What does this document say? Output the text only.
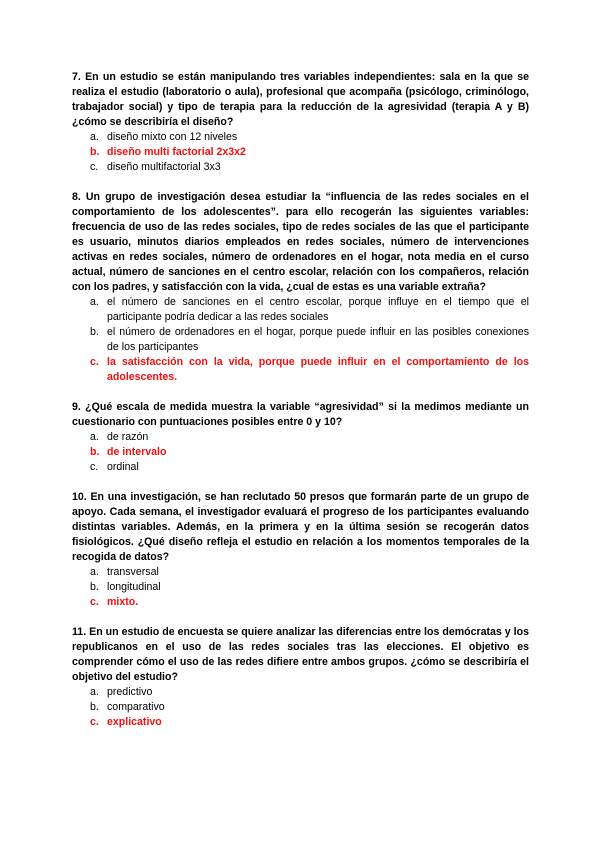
7. En un estudio se están manipulando tres variables independientes: sala en la que se realiza el estudio (laboratorio o aula), profesional que acompaña (psicólogo, criminólogo, trabajador social) y tipo de terapia para la reducción de la agresividad (terapia A y B) ¿cómo se describiría el diseño?

a. diseño mixto con 12 niveles
b. diseño multi factorial 2x3x2
c. diseño multifactorial 3x3

8. Un grupo de investigación desea estudiar la “influencia de las redes sociales en el comportamiento de los adolescentes”. para ello recogerán las siguientes variables: frecuencia de uso de las redes sociales, tipo de redes sociales de las que el participante es usuario, minutos diarios empleados en redes sociales, número de intervenciones activas en redes sociales, número de ordenadores en el hogar, nota media en el curso actual, número de sanciones en el centro escolar, relación con los compañeros, relación con los padres, y satisfacción con la vida, ¿cual de estas es una variable extraña?

a. el número de sanciones en el centro escolar, porque influye en el tiempo que el participante podría dedicar a las redes sociales
b. el número de ordenadores en el hogar, porque puede influir en las posibles conexiones de los participantes
c. la satisfacción con la vida, porque puede influir en el comportamiento de los adolescentes.

9. ¿Qué escala de medida muestra la variable “agresividad” si la medimos mediante un cuestionario con puntuaciones posibles entre 0 y 10?

a. de razón
b. de intervalo
c. ordinal

10. En una investigación, se han reclutado 50 presos que formarán parte de un grupo de apoyo. Cada semana, el investigador evaluará el progreso de los participantes evaluando distintas variables. Además, en la primera y en la última sesión se recogerán datos fisiológicos. ¿Qué diseño refleja el estudio en relación a los momentos temporales de la recogida de datos?

a. transversal
b. longitudinal
c. mixto.

11. En un estudio de encuesta se quiere analizar las diferencias entre los demócratas y los republicanos en el uso de las redes sociales tras las elecciones. El objetivo es comprender cómo el uso de las redes difiere entre ambos grupos. ¿cómo se describiría el objetivo del estudio?

a. predictivo
b. comparativo
c. explicativo
